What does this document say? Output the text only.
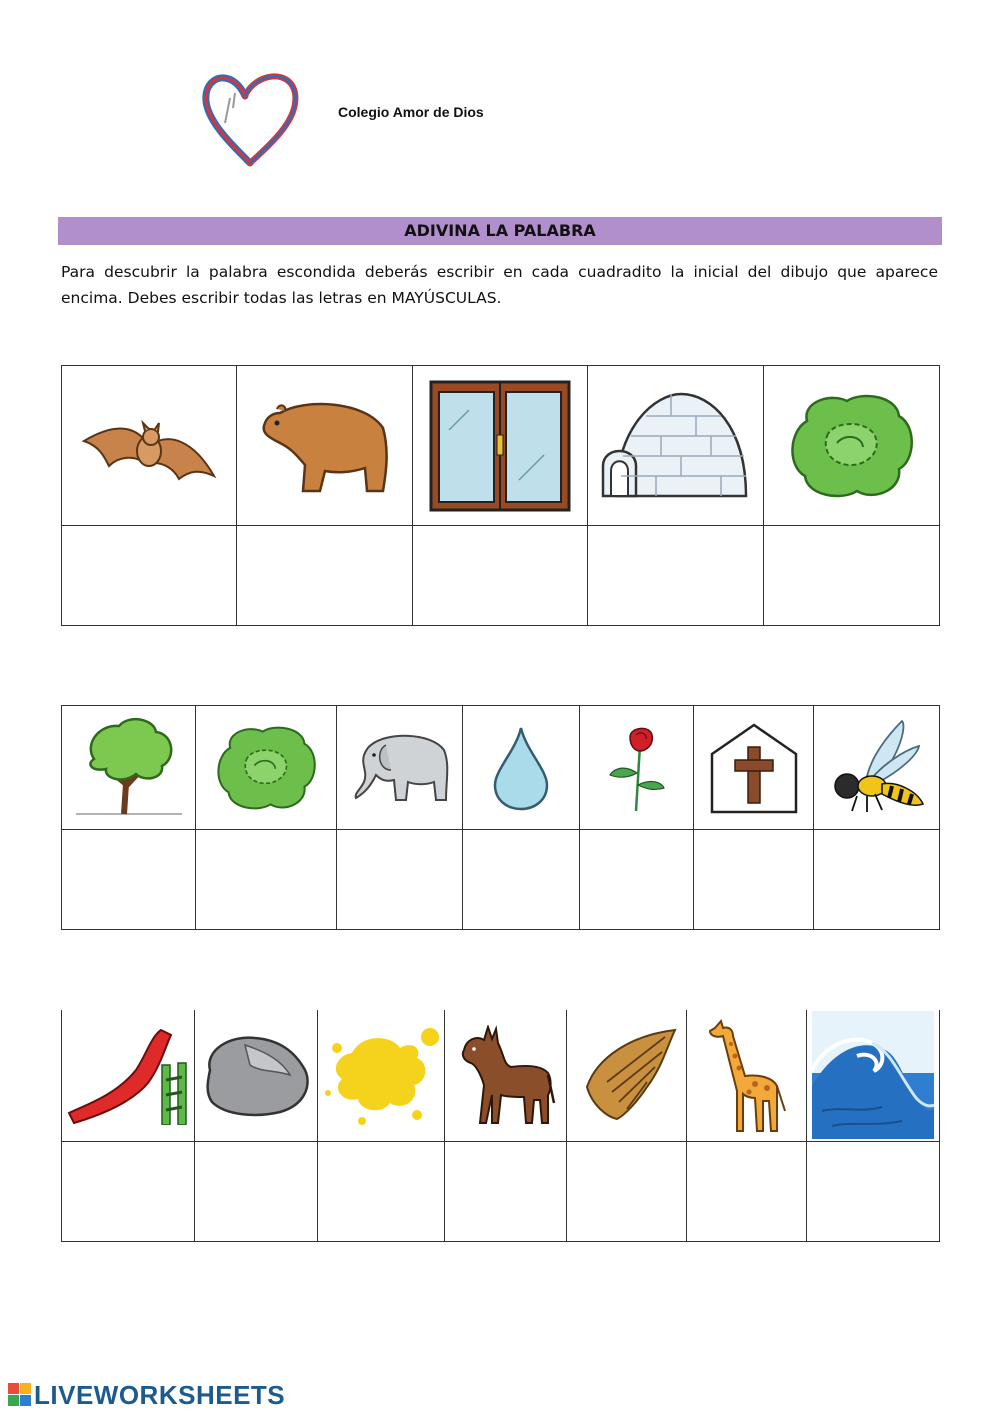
Colegio Amor de Dios
ADIVINA LA PALABRA
Para descubrir la palabra escondida deberás escribir en cada cuadradito la inicial del dibujo que aparece encima. Debes escribir todas las letras en MAYÚSCULAS.

LIVEWORKSHEETS
